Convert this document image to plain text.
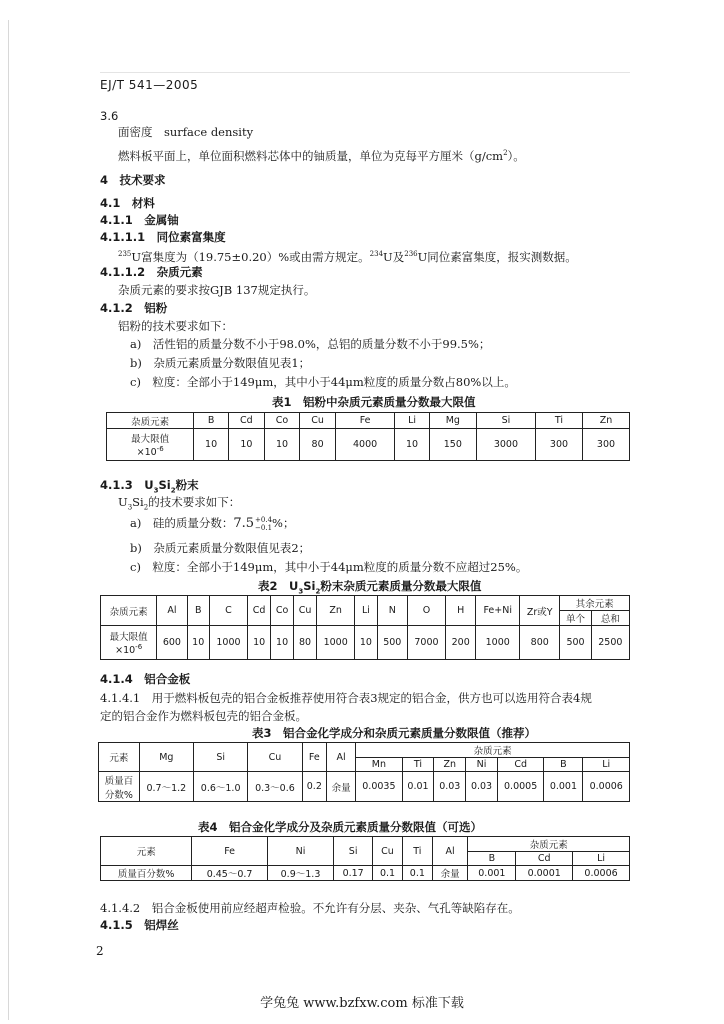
EJ/T 541—2005
3.6
面密度　surface density
燃料板平面上，单位面积燃料芯体中的铀质量，单位为克每平方厘米$(g/cm^2)$。
4　技术要求
4.1　材料
4.1.1　金属铀
4.1.1.1　同位素富集度
$^{235}$U富集度为（19.75±0.20）%或由需方规定。$^{234}$U及$^{236}$U同位素富集度，报实测数据。
4.1.1.2　杂质元素
杂质元素的要求按GJB 137规定执行。
4.1.2　铝粉
铝粉的技术要求如下：
a)　活性铝的质量分数不小于98.0%，总铝的质量分数不小于99.5%；
b)　杂质元素质量分数限值见表1；
c)　粒度：全部小于149μm，其中小于44μm粒度的质量分数占80%以上。
表1　铝粉中杂质元素质量分数最大限值
杂质元素	B	Cd	Co	Cu	Fe	Li	Mg	Si	Ti	Zn
最大限值
$\times 10^{-6}$	10	10	10	80	4000	10	150	3000	300	300
4.1.3　$U_3Si_2$粉末
$U_3Si_2$的技术要求如下：
a)　硅的质量分数：7.5 +0.4
−0.1 %；
b)　杂质元素质量分数限值见表2；
c)　粒度：全部小于149μm，其中小于44μm粒度的质量分数不应超过25%。
表2　$U_3Si_2$粉末杂质元素质量分数最大限值
杂质元素	Al	B	C	Cd	Co	Cu	Zn	Li	N	O	H	Fe+Ni	Zr或Y	其余元素	
														单个	总和
最大限值
$\times 10^{-6}$	600	10	1000	10	10	80	1000	10	500	7000	200	1000	800	500	2500
4.1.4　铝合金板
4.1.4.1　用于燃料板包壳的铝合金板推荐使用符合表3规定的铝合金，供方也可以选用符合表4规
定的铝合金作为燃料板包壳的铝合金板。
表3　铝合金化学成分和杂质元素质量分数限值（推荐）
元素	Mg	Si	Cu	Fe	Al	杂质元素						
						Mn	Ti	Zn	Ni	Cd	B	Li
质量百
分数%	0.7～1.2	0.6～1.0	0.3～0.6	0.2	余量	0.0035	0.01	0.03	0.03	0.0005	0.001	0.0006
表4　铝合金化学成分及杂质元素质量分数限值（可选）
元素	Fe	Ni	Si	Cu	Ti	Al	杂质元素		
							B	Cd	Li
质量百分数%	0.45～0.7	0.9～1.3	0.17	0.1	0.1	余量	0.001	0.0001	0.0006
4.1.4.2　铝合金板使用前应经超声检验。不允许有分层、夹杂、气孔等缺陷存在。
4.1.5　铝焊丝
2
学兔兔 www.bzfxw.com 标准下载
